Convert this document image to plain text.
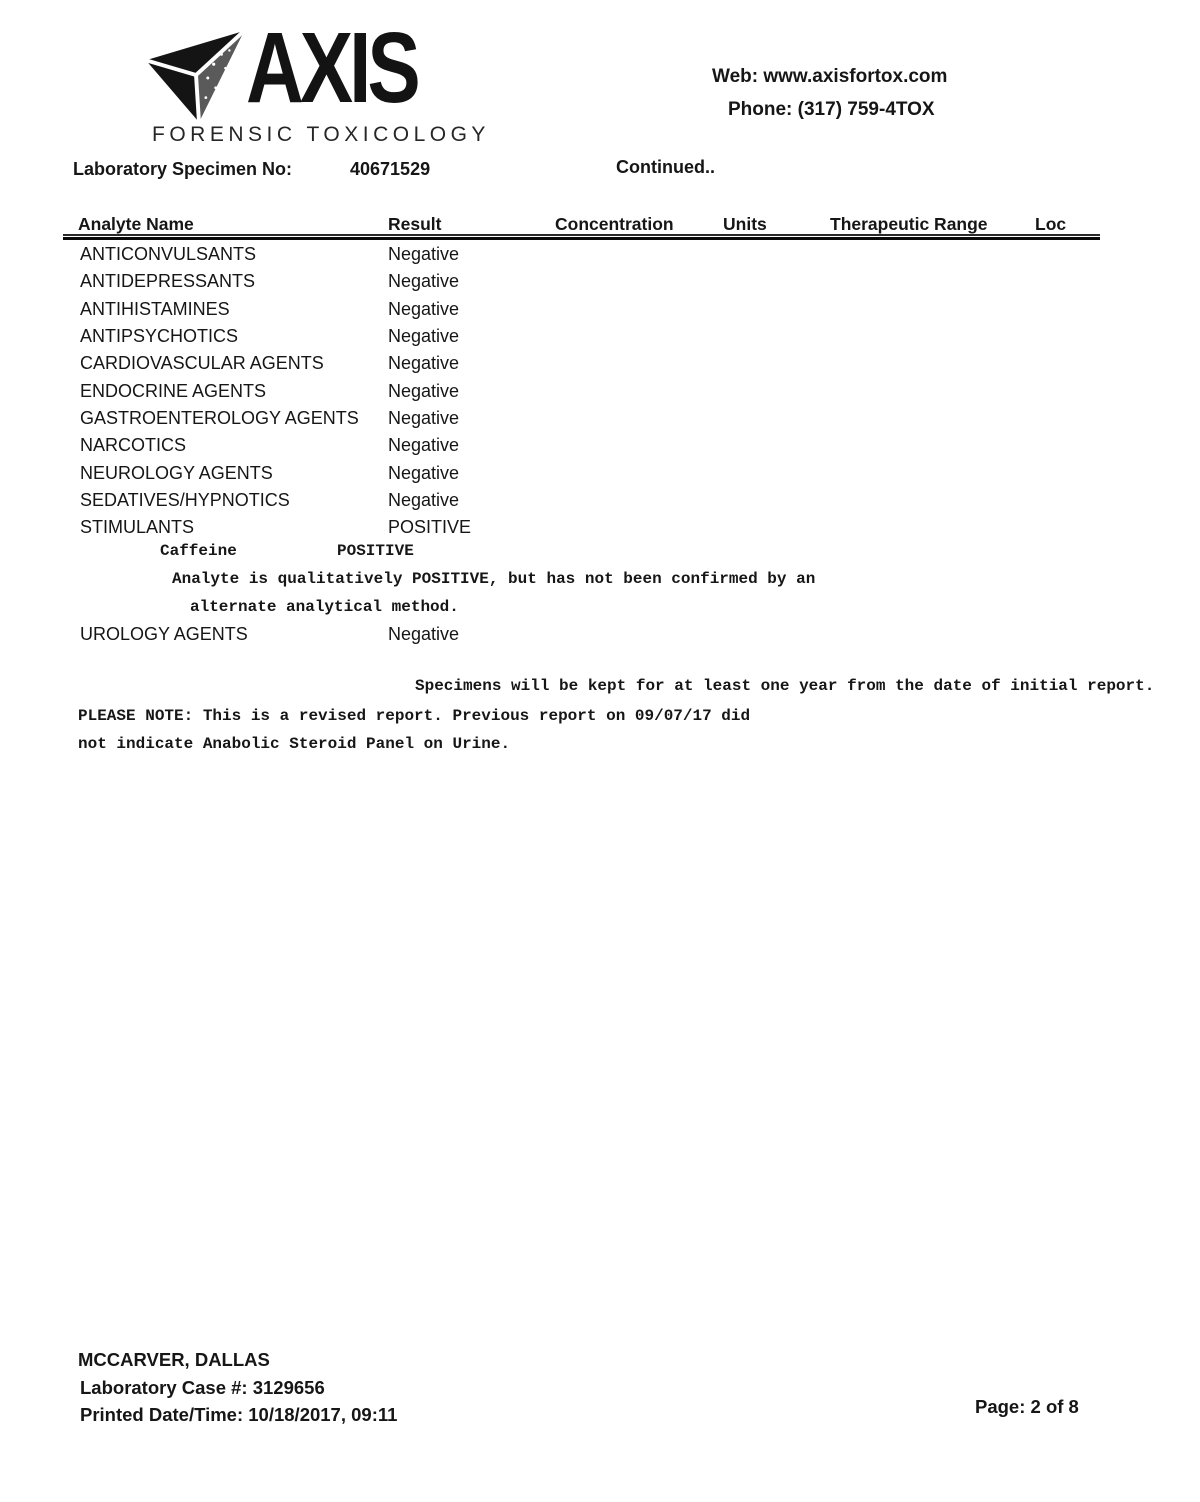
AXIS
FORENSIC TOXICOLOGY
Web: www.axisfortox.com
Phone: (317) 759-4TOX
Laboratory Specimen No:	40671529	Continued..
Analyte Name	Result	Concentration	Units	Therapeutic Range	Loc
ANTICONVULSANTS	Negative
ANTIDEPRESSANTS	Negative
ANTIHISTAMINES	Negative
ANTIPSYCHOTICS	Negative
CARDIOVASCULAR AGENTS	Negative
ENDOCRINE AGENTS	Negative
GASTROENTEROLOGY AGENTS	Negative
NARCOTICS	Negative
NEUROLOGY AGENTS	Negative
SEDATIVES/HYPNOTICS	Negative
STIMULANTS	POSITIVE
Caffeine	POSITIVE
Analyte is qualitatively POSITIVE, but has not been confirmed by an
alternate analytical method.
UROLOGY AGENTS	Negative
Specimens will be kept for at least one year from the date of initial report.
PLEASE NOTE: This is a revised report. Previous report on 09/07/17 did
not indicate Anabolic Steroid Panel on Urine.
MCCARVER, DALLAS
Laboratory Case #: 3129656
Printed Date/Time: 10/18/2017, 09:11	Page: 2 of 8
